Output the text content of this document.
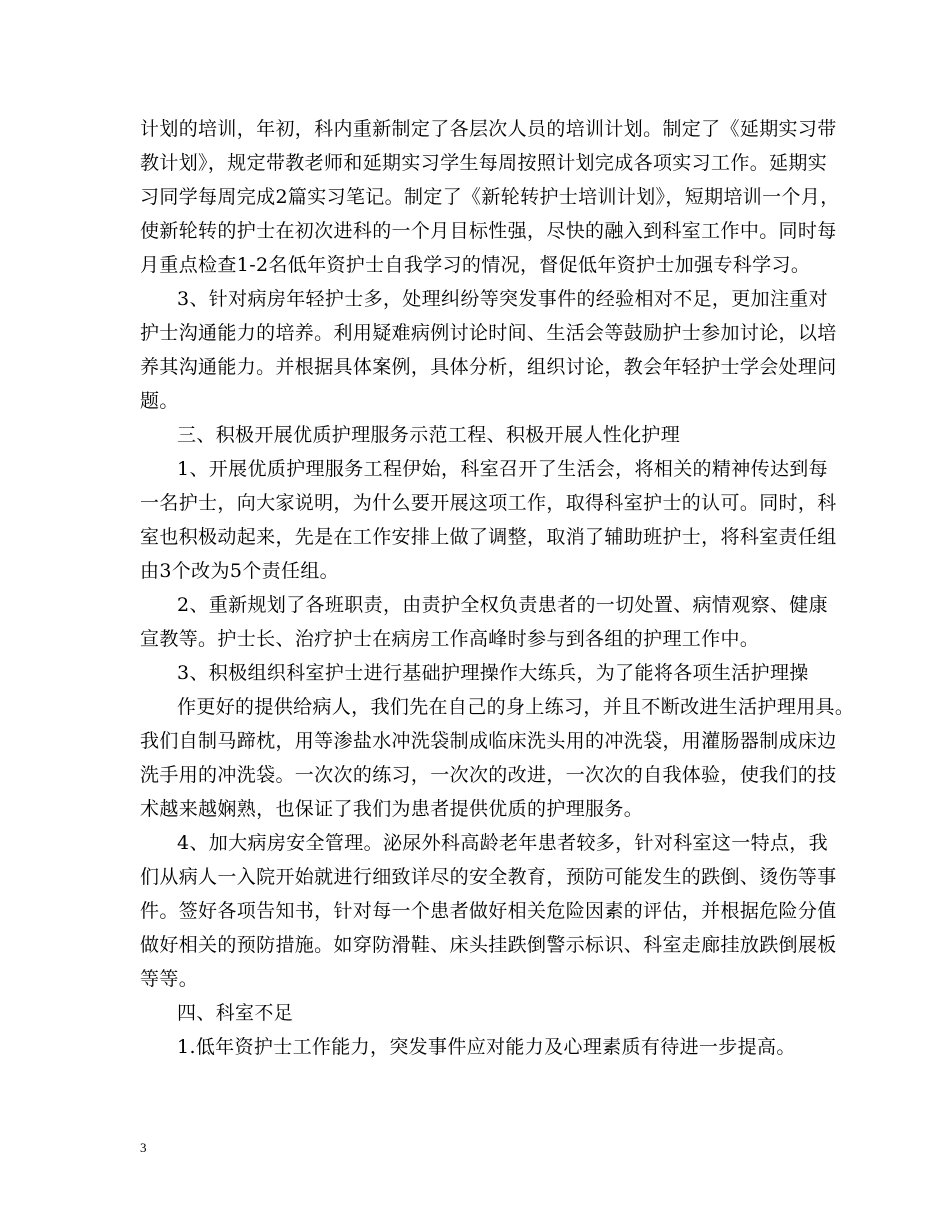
计划的培训，年初，科内重新制定了各层次人员的培训计划。制定了《延期实习带
教计划》，规定带教老师和延期实习学生每周按照计划完成各项实习工作。延期实
习同学每周完成2篇实习笔记。制定了《新轮转护士培训计划》，短期培训一个月，
使新轮转的护士在初次进科的一个月目标性强，尽快的融入到科室工作中。同时每
月重点检查1-2名低年资护士自我学习的情况，督促低年资护士加强专科学习。
3、针对病房年轻护士多，处理纠纷等突发事件的经验相对不足，更加注重对
护士沟通能力的培养。利用疑难病例讨论时间、生活会等鼓励护士参加讨论，以培
养其沟通能力。并根据具体案例，具体分析，组织讨论，教会年轻护士学会处理问
题。
三、积极开展优质护理服务示范工程、积极开展人性化护理
1、开展优质护理服务工程伊始，科室召开了生活会，将相关的精神传达到每
一名护士，向大家说明，为什么要开展这项工作，取得科室护士的认可。同时，科
室也积极动起来，先是在工作安排上做了调整，取消了辅助班护士，将科室责任组
由3个改为5个责任组。
2、重新规划了各班职责，由责护全权负责患者的一切处置、病情观察、健康
宣教等。护士长、治疗护士在病房工作高峰时参与到各组的护理工作中。
3、积极组织科室护士进行基础护理操作大练兵，为了能将各项生活护理操
作更好的提供给病人，我们先在自己的身上练习，并且不断改进生活护理用具。
我们自制马蹄枕，用等渗盐水冲洗袋制成临床洗头用的冲洗袋，用灌肠器制成床边
洗手用的冲洗袋。一次次的练习，一次次的改进，一次次的自我体验，使我们的技
术越来越娴熟，也保证了我们为患者提供优质的护理服务。
4、加大病房安全管理。泌尿外科高龄老年患者较多，针对科室这一特点，我
们从病人一入院开始就进行细致详尽的安全教育，预防可能发生的跌倒、烫伤等事
件。签好各项告知书，针对每一个患者做好相关危险因素的评估，并根据危险分值
做好相关的预防措施。如穿防滑鞋、床头挂跌倒警示标识、科室走廊挂放跌倒展板
等等。
四、科室不足
1.低年资护士工作能力，突发事件应对能力及心理素质有待进一步提高。
3
